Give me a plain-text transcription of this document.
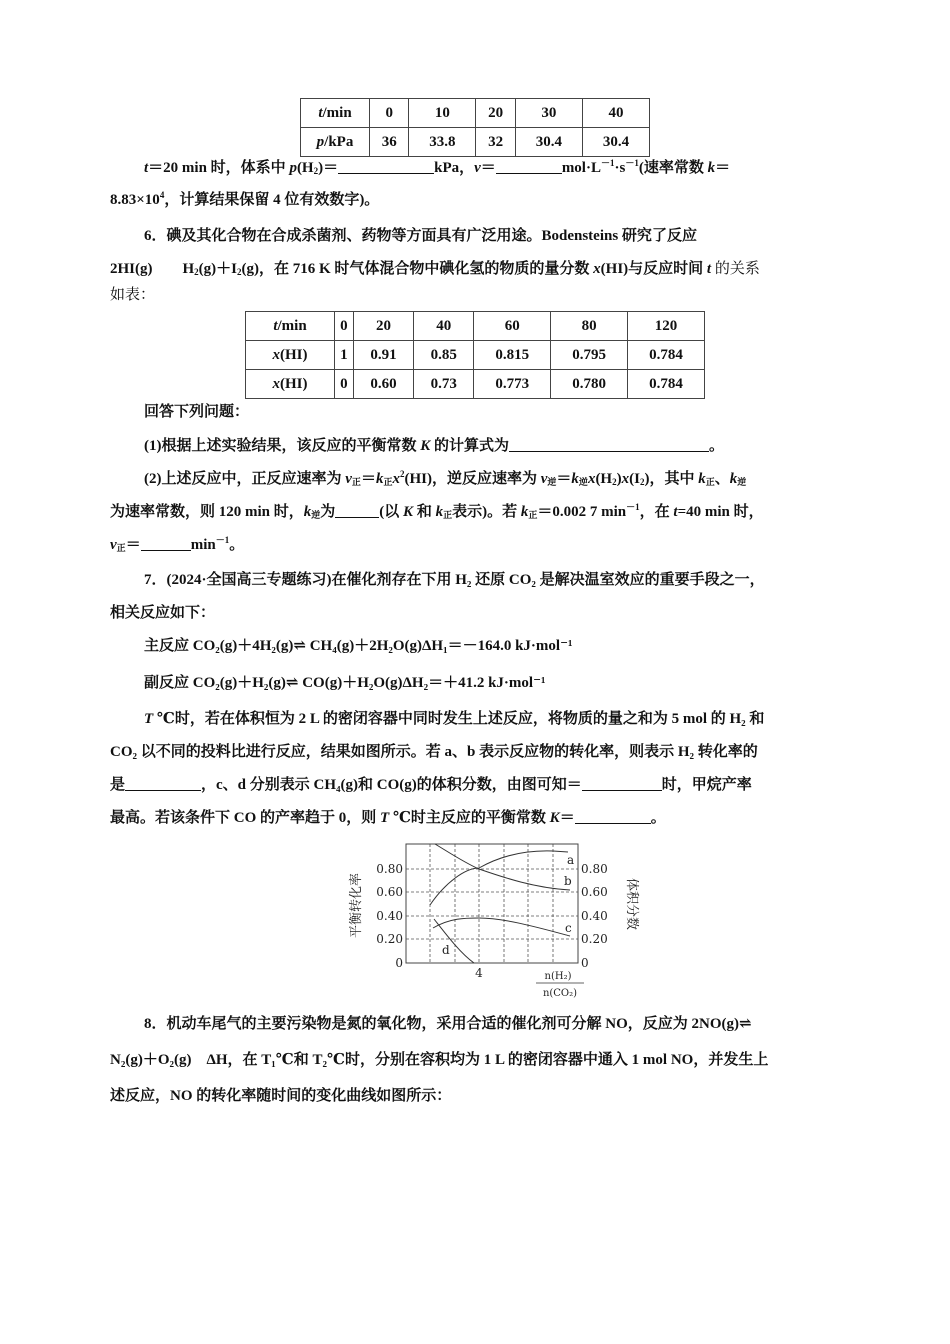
t/min	0	10	20	30	40
p/kPa	36	33.8	32	30.4	30.4
t＝20 min 时，体系中 $p(H_2)=$	kPa，v＝	$mol\cdot L^{-1}\cdot s^{-1}$(速率常数 k＝
$8.83\times 10^4$，计算结果保留 4 位有效数字)。
6．碘及其化合物在合成杀菌剂、药物等方面具有广泛用途。Bodensteins 研究了反应
2HI(g) $H_2(g)+I_2(g)$，在 716 K 时气体混合物中碘化氢的物质的量分数 x(HI)与反应时间 t 的关系
如表：
t/min	0	20	40	60	80	120
x(HI)	1	0.91	0.85	0.815	0.795	0.784
x(HI)	0	0.60	0.73	0.773	0.780	0.784
回答下列问题：
(1)根据上述实验结果，该反应的平衡常数 K 的计算式为	。
(2)上述反应中，正反应速率为 $v_正=k_正x^2(HI)$，逆反应速率为 $v_逆=k_逆x(H_2)x(I_2)$，其中 $k_正$、$k_逆$
为速率常数，则 120 min 时，$k_逆$为	(以 K 和 $k_正$表示)。若 $k_正=0.002$ 7 $\min^{-1}$，在 t=40 min 时，
$v_正=$	$\min^{-1}$。
7．(2024·全国高三专题练习)在催化剂存在下用 H₂ 还原 CO₂ 是解决温室效应的重要手段之一，
相关反应如下：
主反应 CO₂(g)＋4H₂(g)⇌ CH₄(g)＋2H₂O(g)ΔH₁＝－164.0 kJ·mol⁻¹
副反应 CO₂(g)＋H₂(g)⇌ CO(g)＋H₂O(g)ΔH₂＝＋41.2 kJ·mol⁻¹
T ℃时，若在体积恒为 2 L 的密闭容器中同时发生上述反应，将物质的量之和为 5 mol 的 H₂ 和
CO₂ 以不同的投料比进行反应，结果如图所示。若 a、b 表示反应物的转化率，则表示 H₂ 转化率的
是	，c、d 分别表示 CH₄(g)和 CO(g)的体积分数，由图可知＝	时，甲烷产率
最高。若该条件下 CO 的产率趋于 0，则 T ℃时主反应的平衡常数 K＝	。
0
0.20
0.40
0.60
0.80
0
0.20
0.40
0.60
0.80
4
a
b
c
d
n(H₂)
n(CO₂)
平衡转化率	体积分数
8．机动车尾气的主要污染物是氮的氧化物，采用合适的催化剂可分解 NO，反应为 2NO(g)⇌
N₂(g)＋O₂(g)　ΔH，在 T₁℃和 T₂℃时，分别在容积均为 1 L 的密闭容器中通入 1 mol NO，并发生上
述反应，NO 的转化率随时间的变化曲线如图所示：
